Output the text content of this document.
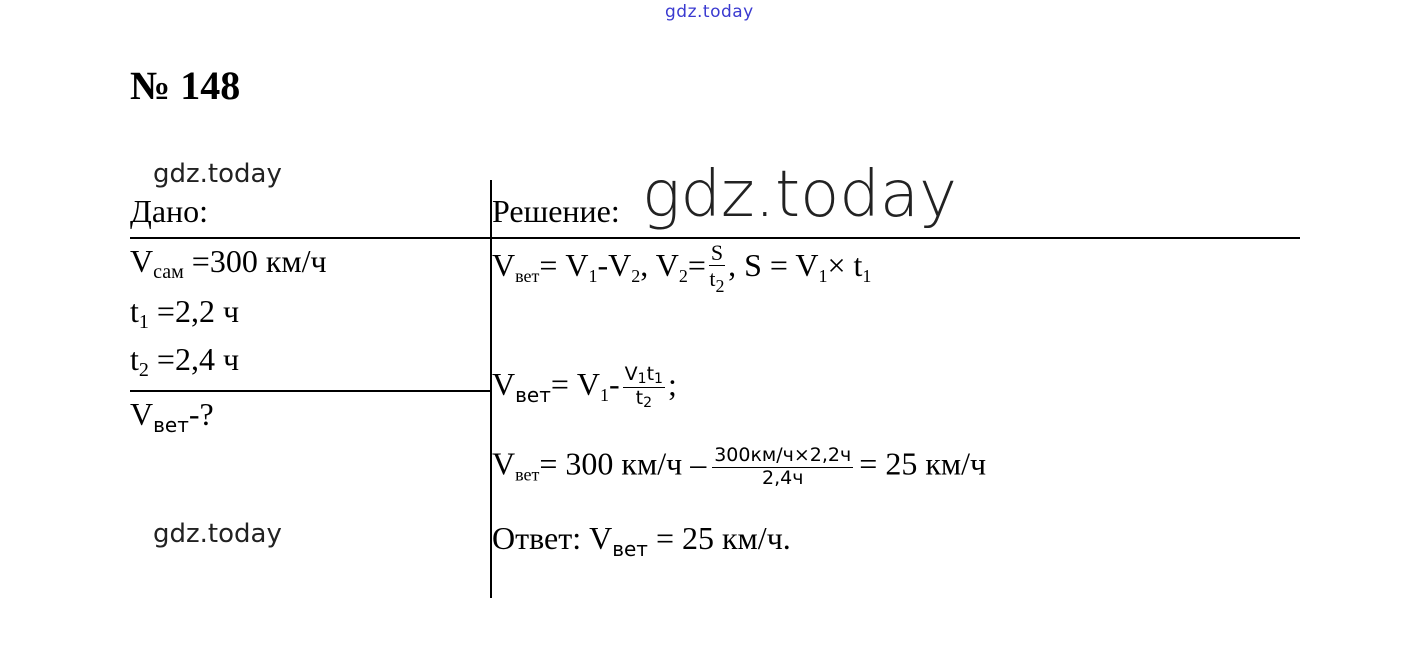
gdz.today
gdz.today
gdz.today
№ 148
Дано:
$V_{сам} =300$ км/ч
$t_1 =2,2$ ч
$t_2 =2,4$ ч
$V_{вет}-$?
Решение: gdz.today
Vвет= V1-V2, $V2= \frac{S}{t_2}$ , S = V1× t1
$V_{вет}= V1- \frac{V1t1}{t2}$ ;
Vвет= 300 $км/ч - \frac{300км/ч\times 2,2ч}{2,4ч} = 25$ км/ч
Ответ: $V_{вет} = 25$ км/ч.
